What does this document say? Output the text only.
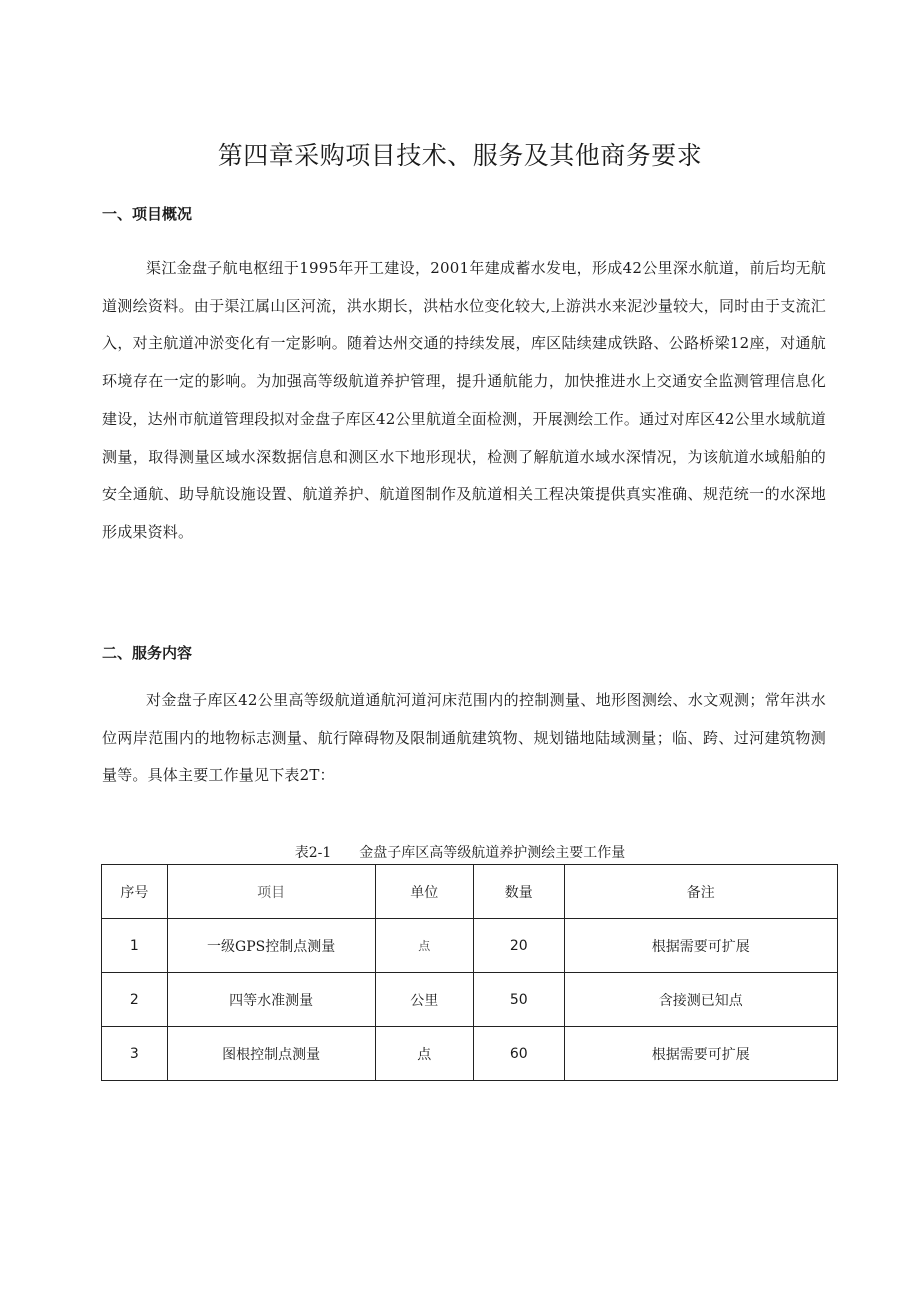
第四章采购项目技术、服务及其他商务要求
一、项目概况

渠江金盘子航电枢纽于1995年开工建设，2001年建成蓄水发电，形成42公里深水航道，前后均无航道测绘资料。由于渠江属山区河流，洪水期长，洪枯水位变化较大,上游洪水来泥沙量较大，同时由于支流汇入，对主航道冲淤变化有一定影响。随着达州交通的持续发展，库区陆续建成铁路、公路桥梁12座，对通航环境存在一定的影响。为加强高等级航道养护管理，提升通航能力，加快推进水上交通安全监测管理信息化建设，达州市航道管理段拟对金盘子库区42公里航道全面检测，开展测绘工作。通过对库区42公里水域航道测量，取得测量区域水深数据信息和测区水下地形现状，检测了解航道水域水深情况，为该航道水域船舶的安全通航、助导航设施设置、航道养护、航道图制作及航道相关工程决策提供真实准确、规范统一的水深地形成果资料。

二、服务内容

对金盘子库区42公里高等级航道通航河道河床范围内的控制测量、地形图测绘、水文观测；常年洪水位两岸范围内的地物标志测量、航行障碍物及限制通航建筑物、规划锚地陆域测量；临、跨、过河建筑物测量等。具体主要工作量见下表2T：

表2-1 金盘子库区高等级航道养护测绘主要工作量

序号	项目	单位	数量	备注
1	一级GPS控制点测量	点	20	根据需要可扩展
2	四等水准测量	公里	50	含接测已知点
3	图根控制点测量	点	60	根据需要可扩展
